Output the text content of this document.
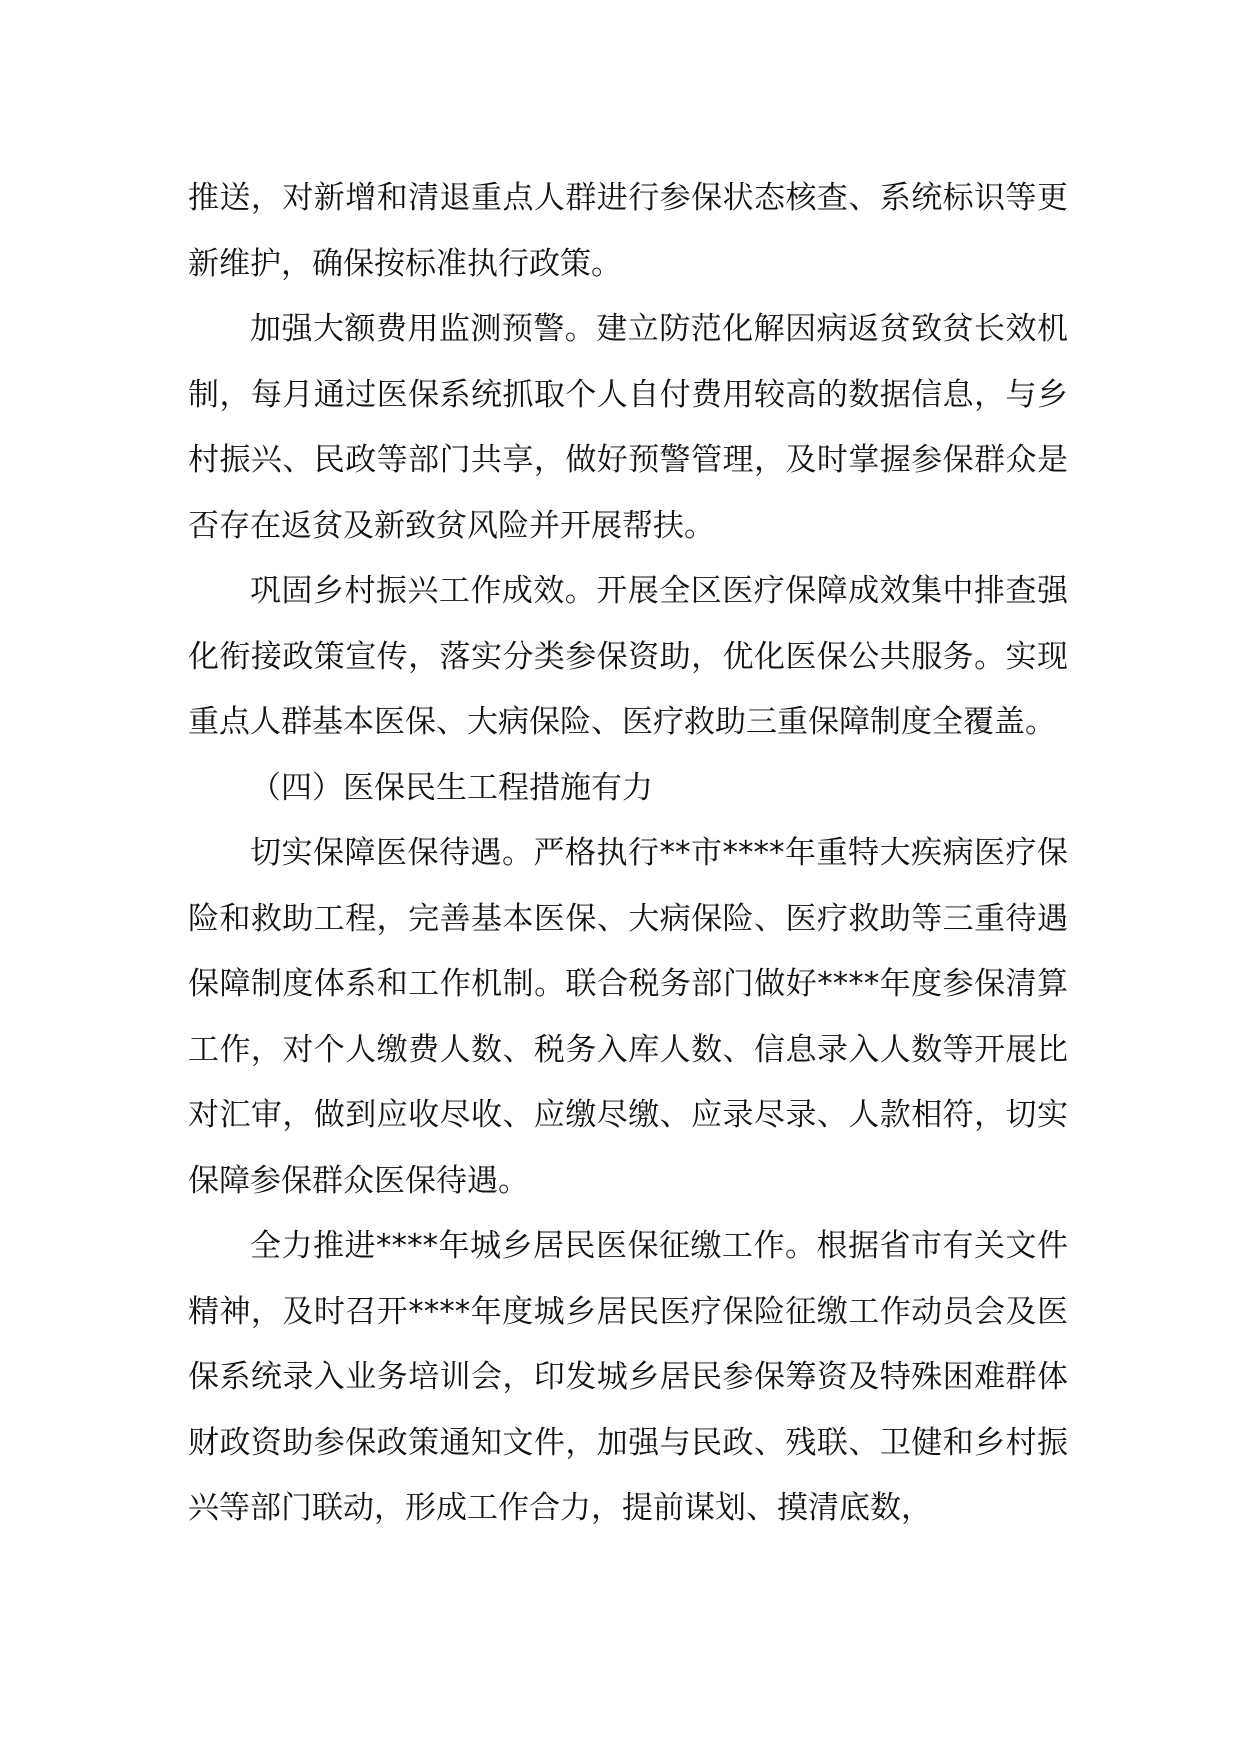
推送，对新增和清退重点人群进行参保状态核查、系统标识等更新维护，确保按标准执行政策。

加强大额费用监测预警。建立防范化解因病返贫致贫长效机制，每月通过医保系统抓取个人自付费用较高的数据信息，与乡村振兴、民政等部门共享，做好预警管理，及时掌握参保群众是否存在返贫及新致贫风险并开展帮扶。

巩固乡村振兴工作成效。开展全区医疗保障成效集中排查强化衔接政策宣传，落实分类参保资助，优化医保公共服务。实现重点人群基本医保、大病保险、医疗救助三重保障制度全覆盖。

（四）医保民生工程措施有力

切实保障医保待遇。严格执行**市****年重特大疾病医疗保险和救助工程，完善基本医保、大病保险、医疗救助等三重待遇保障制度体系和工作机制。联合税务部门做好****年度参保清算工作，对个人缴费人数、税务入库人数、信息录入人数等开展比对汇审，做到应收尽收、应缴尽缴、应录尽录、人款相符，切实保障参保群众医保待遇。

全力推进****年城乡居民医保征缴工作。根据省市有关文件精神，及时召开****年度城乡居民医疗保险征缴工作动员会及医保系统录入业务培训会，印发城乡居民参保筹资及特殊困难群体财政资助参保政策通知文件，加强与民政、残联、卫健和乡村振兴等部门联动，形成工作合力，提前谋划、摸清底数，
